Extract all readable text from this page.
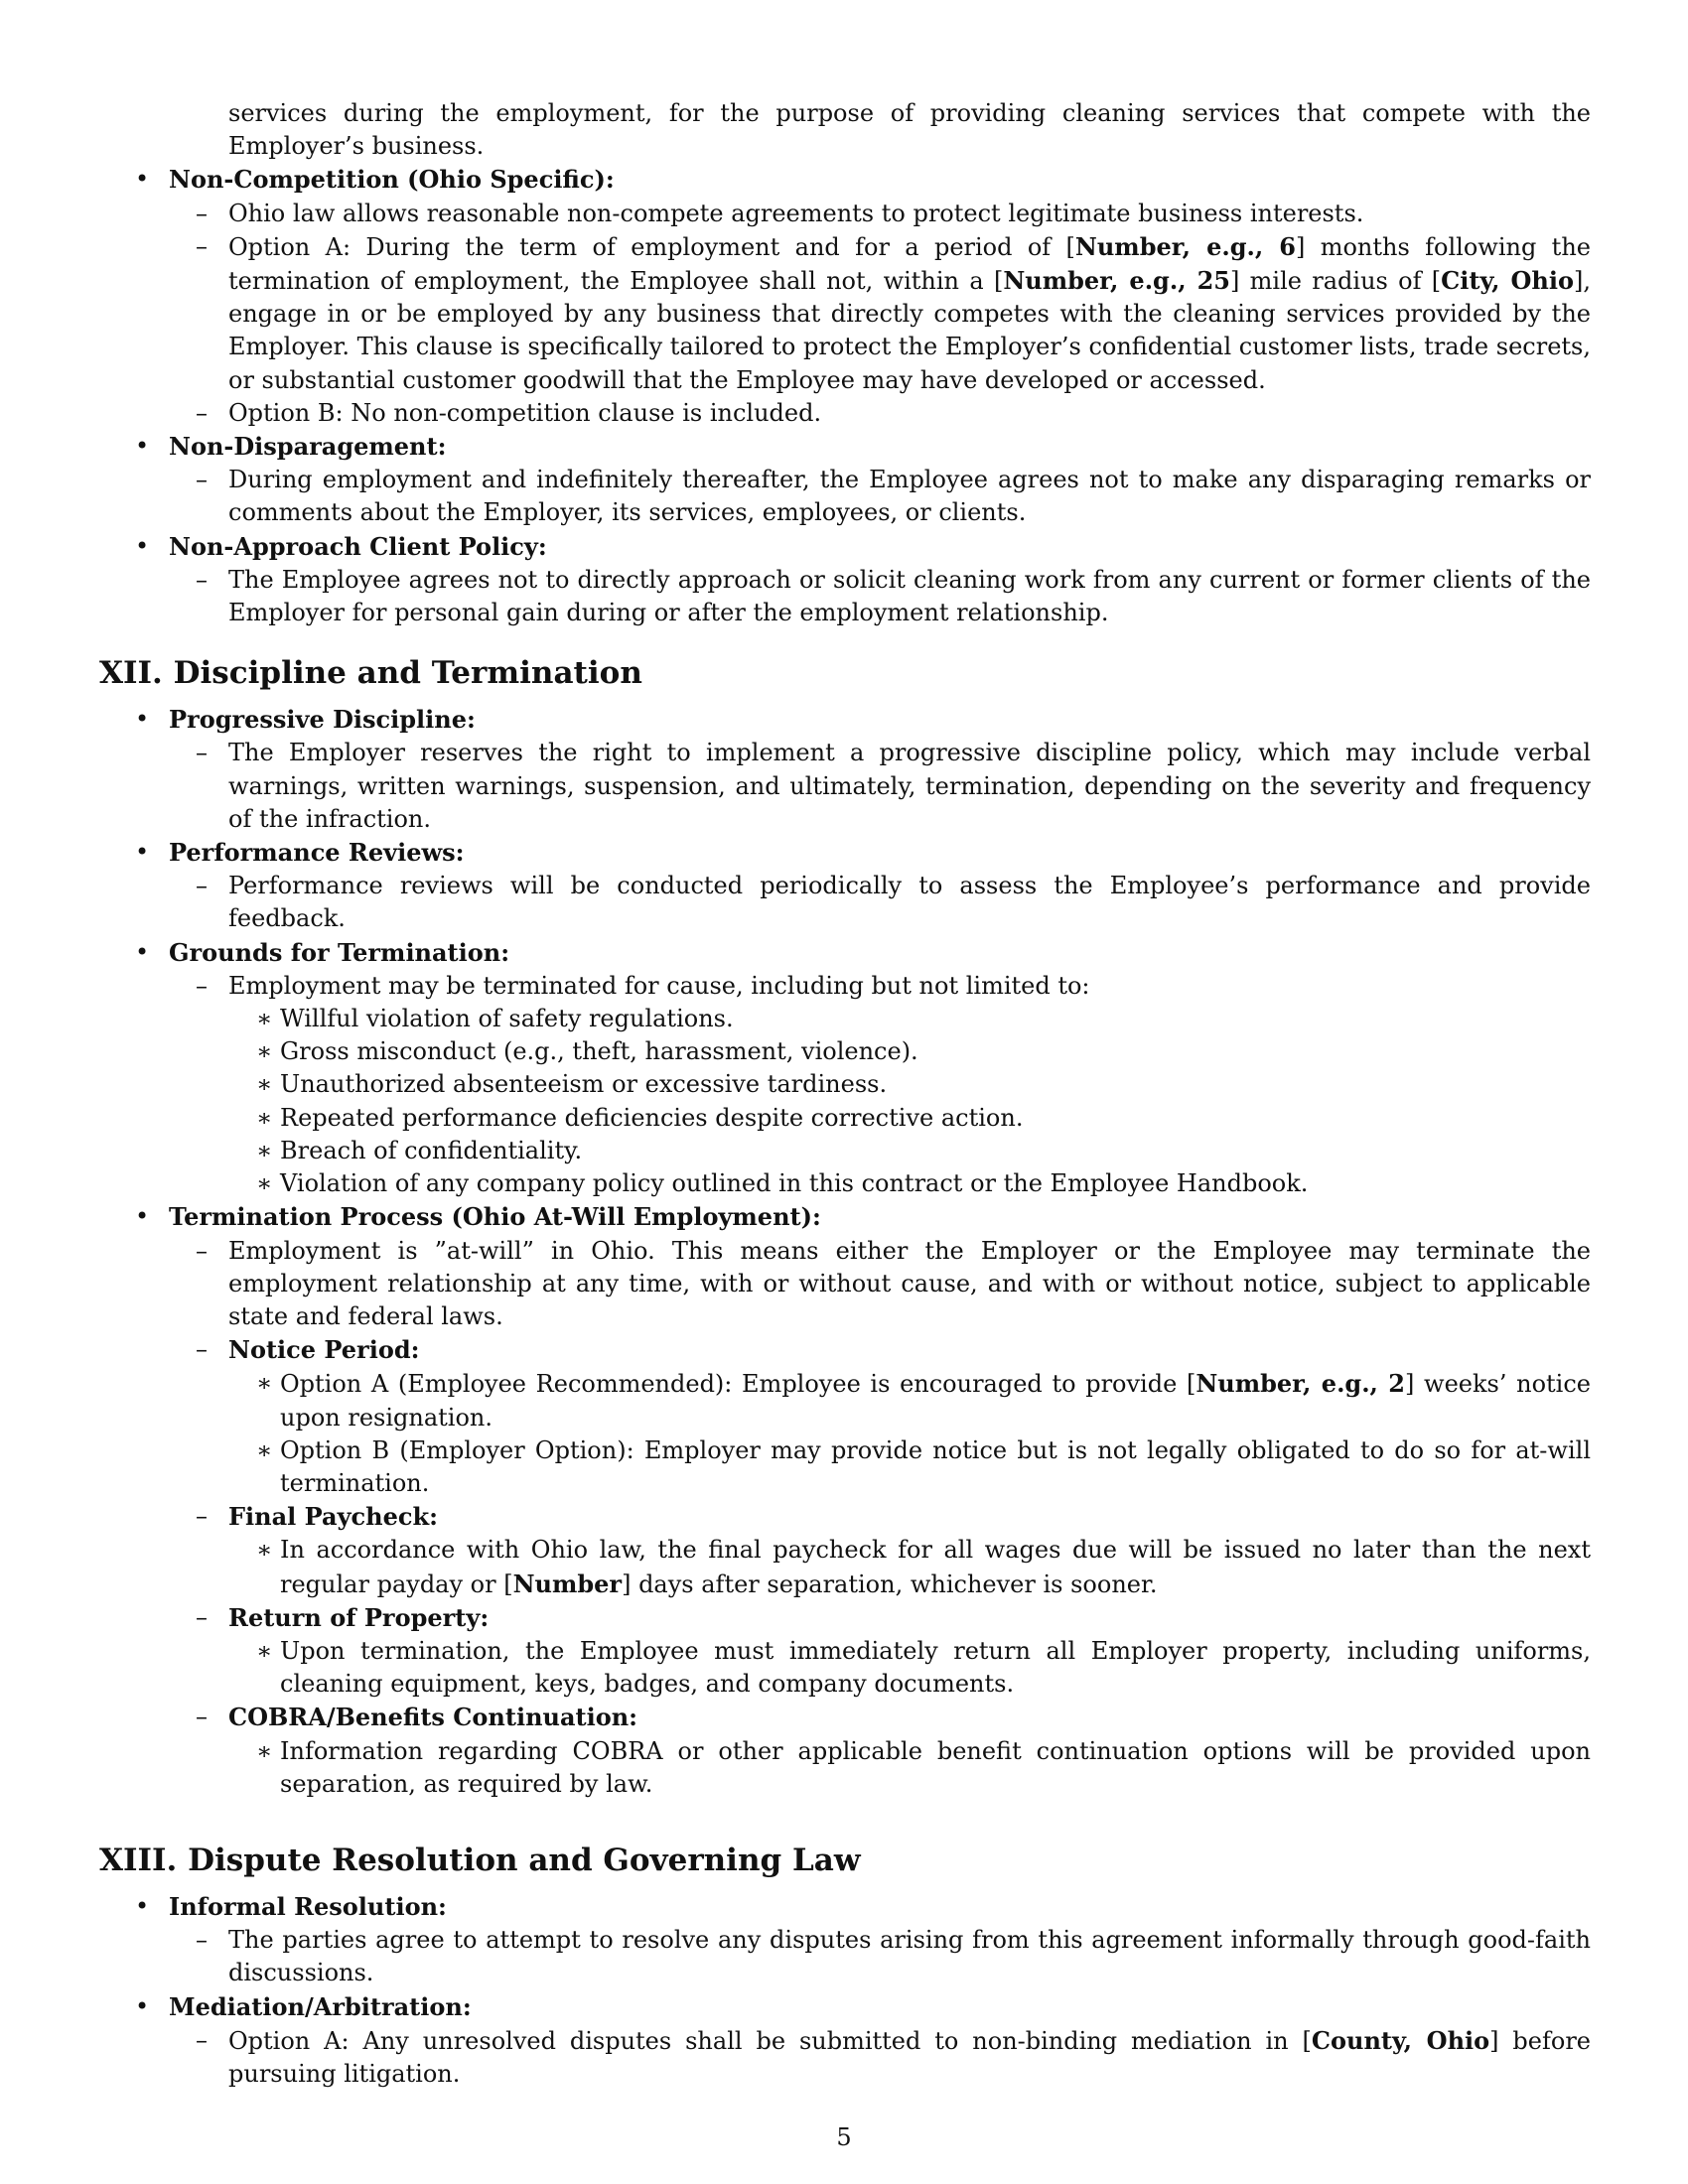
services during the employment, for the purpose of providing cleaning services that compete with the Employer’s business.
• Non-Competition (Ohio Specific):
– Ohio law allows reasonable non-compete agreements to protect legitimate business interests.
– Option A: During the term of employment and for a period of [Number, e.g., 6] months following the termination of employment, the Employee shall not, within a [Number, e.g., 25] mile radius of [City, Ohio], engage in or be employed by any business that directly competes with the cleaning services provided by the Employer. This clause is specifically tailored to protect the Employer’s confidential customer lists, trade secrets, or substantial customer goodwill that the Employee may have developed or accessed.
– Option B: No non-competition clause is included.
• Non-Disparagement:
– During employment and indefinitely thereafter, the Employee agrees not to make any disparaging remarks or comments about the Employer, its services, employees, or clients.
• Non-Approach Client Policy:
– The Employee agrees not to directly approach or solicit cleaning work from any current or former clients of the Employer for personal gain during or after the employment relationship.
XII. Discipline and Termination
• Progressive Discipline:
– The Employer reserves the right to implement a progressive discipline policy, which may include verbal warnings, written warnings, suspension, and ultimately, termination, depending on the severity and frequency of the infraction.
• Performance Reviews:
– Performance reviews will be conducted periodically to assess the Employee’s performance and provide feedback.
• Grounds for Termination:
– Employment may be terminated for cause, including but not limited to:
∗ Willful violation of safety regulations.
∗ Gross misconduct (e.g., theft, harassment, violence).
∗ Unauthorized absenteeism or excessive tardiness.
∗ Repeated performance deficiencies despite corrective action.
∗ Breach of confidentiality.
∗ Violation of any company policy outlined in this contract or the Employee Handbook.
• Termination Process (Ohio At-Will Employment):
– Employment is ”at-will” in Ohio. This means either the Employer or the Employee may terminate the employment relationship at any time, with or without cause, and with or without notice, subject to applicable state and federal laws.
– Notice Period:
∗ Option A (Employee Recommended): Employee is encouraged to provide [Number, e.g., 2] weeks’ notice upon resignation.
∗ Option B (Employer Option): Employer may provide notice but is not legally obligated to do so for at-will termination.
– Final Paycheck:
∗ In accordance with Ohio law, the final paycheck for all wages due will be issued no later than the next regular payday or [Number] days after separation, whichever is sooner.
– Return of Property:
∗ Upon termination, the Employee must immediately return all Employer property, including uniforms, cleaning equipment, keys, badges, and company documents.
– COBRA/Benefits Continuation:
∗ Information regarding COBRA or other applicable benefit continuation options will be provided upon separation, as required by law.
XIII. Dispute Resolution and Governing Law
• Informal Resolution:
– The parties agree to attempt to resolve any disputes arising from this agreement informally through good-faith discussions.
• Mediation/Arbitration:
– Option A: Any unresolved disputes shall be submitted to non-binding mediation in [County, Ohio] before pursuing litigation.
5
